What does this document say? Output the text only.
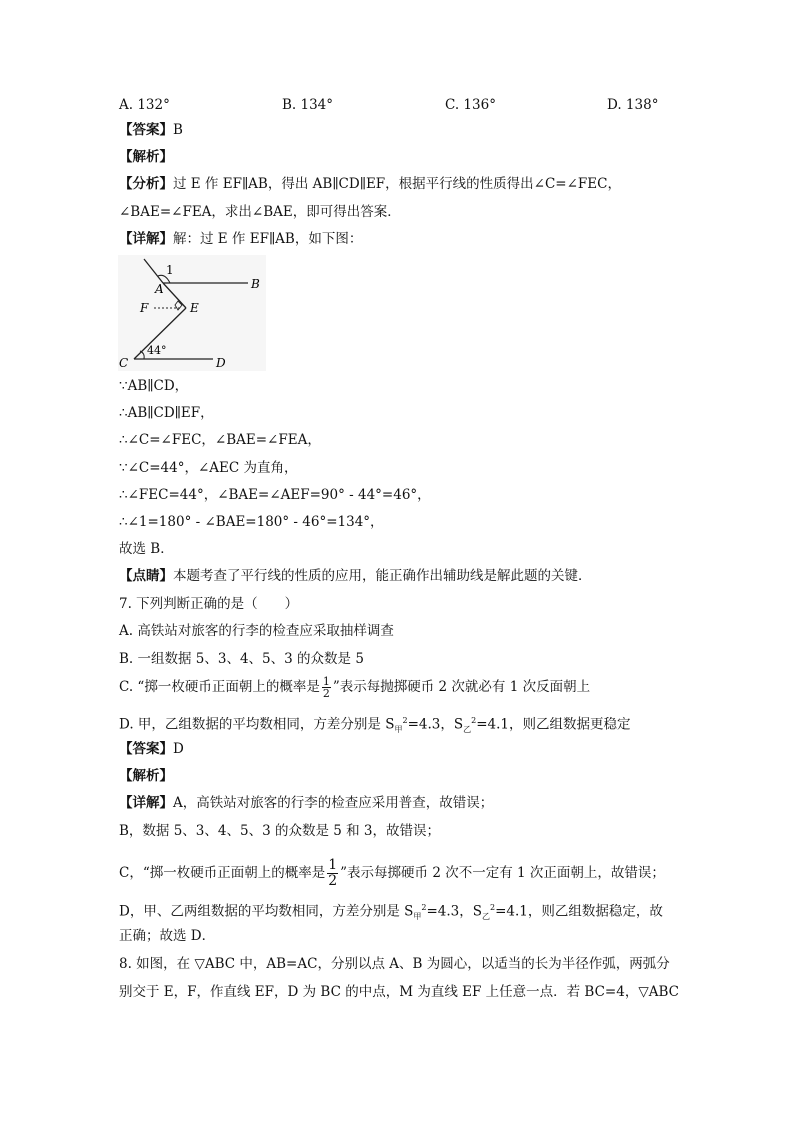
A. 132°	B. 134°	C. 136°	D. 138°
【答案】B
【解析】
【分析】过 E 作 EF∥AB，得出 AB∥CD∥EF，根据平行线的性质得出∠C=∠FEC，
∠BAE=∠FEA，求出∠BAE，即可得出答案．
【详解】解：过 E 作 EF∥AB，如下图：
1
A	B
F	E
C	D
44°
∵AB∥CD，
∴AB∥CD∥EF，
∴∠C=∠FEC，∠BAE=∠FEA，
∵∠C=44°，∠AEC 为直角，
∴∠FEC=44°，∠BAE=∠AEF=90° - 44°=46°，
∴∠1=180° - ∠BAE=180° - 46°=134°，
故选 B．
【点睛】本题考查了平行线的性质的应用，能正确作出辅助线是解此题的关键．
7. 下列判断正确的是（　　）
A. 高铁站对旅客的行李的检查应采取抽样调查
B. 一组数据 5、3、4、5、3 的众数是 5
C. “掷一枚硬币正面朝上的概率是 $\frac{1}{2}$ ”表示每抛掷硬币 2 次就必有 1 次反面朝上
D. 甲，乙组数据的平均数相同，方差分别是 $S_甲^2=4.3$，$S_乙^2=4.1$，则乙组数据更稳定
【答案】D
【解析】
【详解】A，高铁站对旅客的行李的检查应采用普查，故错误；
B，数据 5、3、4、5、3 的众数是 5 和 3，故错误；
C，“掷一枚硬币正面朝上的概率是 $\frac{1}{2}$ ”表示每掷硬币 2 次不一定有 1 次正面朝上，故错误；
D，甲、乙两组数据的平均数相同，方差分别是 $S_甲^2=4.3$，$S_乙^2=4.1$，则乙组数据稳定，故
正确；故选 D．
8. 如图，在 ▽ABC 中，AB=AC，分别以点 A、B 为圆心，以适当的长为半径作弧，两弧分
别交于 E，F，作直线 EF，D 为 BC 的中点，M 为直线 EF 上任意一点．若 BC=4，▽ABC
